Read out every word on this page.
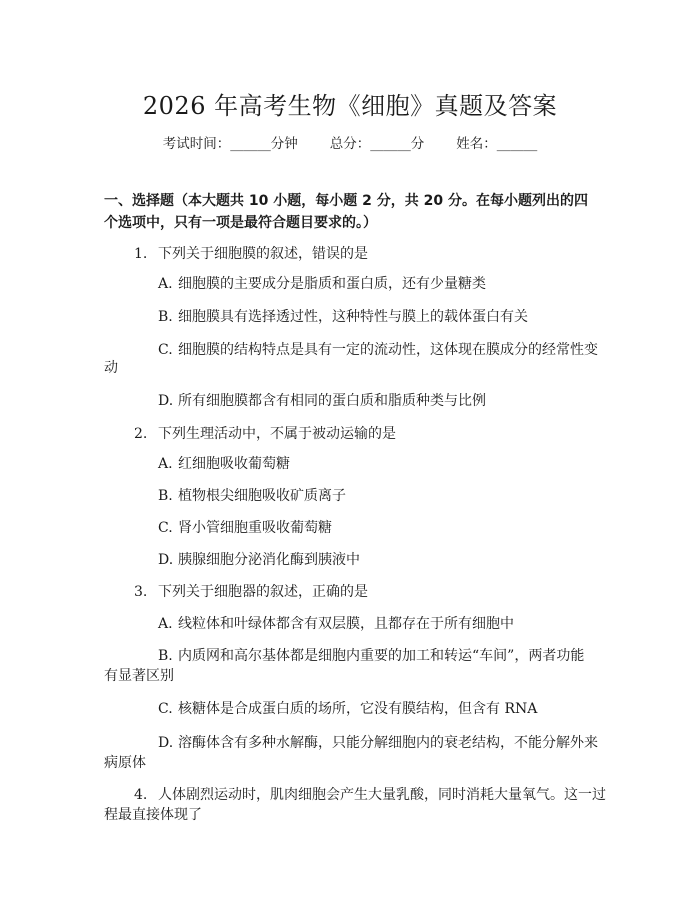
2026 年高考生物《细胞》真题及答案
考试时间：______分钟 总分：______分 姓名：______
一、选择题（本大题共 10 小题，每小题 2 分，共 20 分。在每小题列出的四个选项中，只有一项是最符合题目要求的。）
1. 下列关于细胞膜的叙述，错误的是
A. 细胞膜的主要成分是脂质和蛋白质，还有少量糖类
B. 细胞膜具有选择透过性，这种特性与膜上的载体蛋白有关
C. 细胞膜的结构特点是具有一定的流动性，这体现在膜成分的经常性变
动
D. 所有细胞膜都含有相同的蛋白质和脂质种类与比例
2. 下列生理活动中，不属于被动运输的是
A. 红细胞吸收葡萄糖
B. 植物根尖细胞吸收矿质离子
C. 肾小管细胞重吸收葡萄糖
D. 胰腺细胞分泌消化酶到胰液中
3. 下列关于细胞器的叙述，正确的是
A. 线粒体和叶绿体都含有双层膜，且都存在于所有细胞中
B. 内质网和高尔基体都是细胞内重要的加工和转运“车间”，两者功能
有显著区别
C. 核糖体是合成蛋白质的场所，它没有膜结构，但含有 RNA
D. 溶酶体含有多种水解酶，只能分解细胞内的衰老结构，不能分解外来
病原体
4. 人体剧烈运动时，肌肉细胞会产生大量乳酸，同时消耗大量氧气。这一过
程最直接体现了
